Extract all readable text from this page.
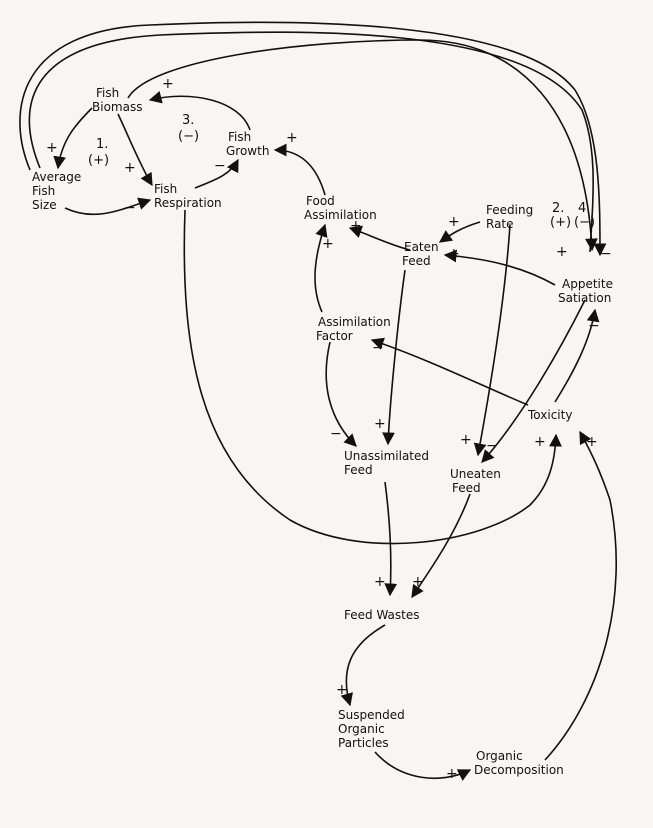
Fish
Biomass
Average
Fish
Size
Fish
Respiration
Fish
Growth
Food
Assimilation	Feeding
Rate
Eaten
Feed
Appetite
Satiation
Assimilation
Factor
Toxicity
Unassimilated
Feed	Uneaten
Feed
Feed Wastes
Suspended
Organic
Particles
Organic
Decomposition
1.
(+)
2.
(+)
3.
(−)
4.
(−)
+
+
−
−
+
+
+
+
+
+	+ −
−
+
+ −
−
−
+ +
+
+
+
+
